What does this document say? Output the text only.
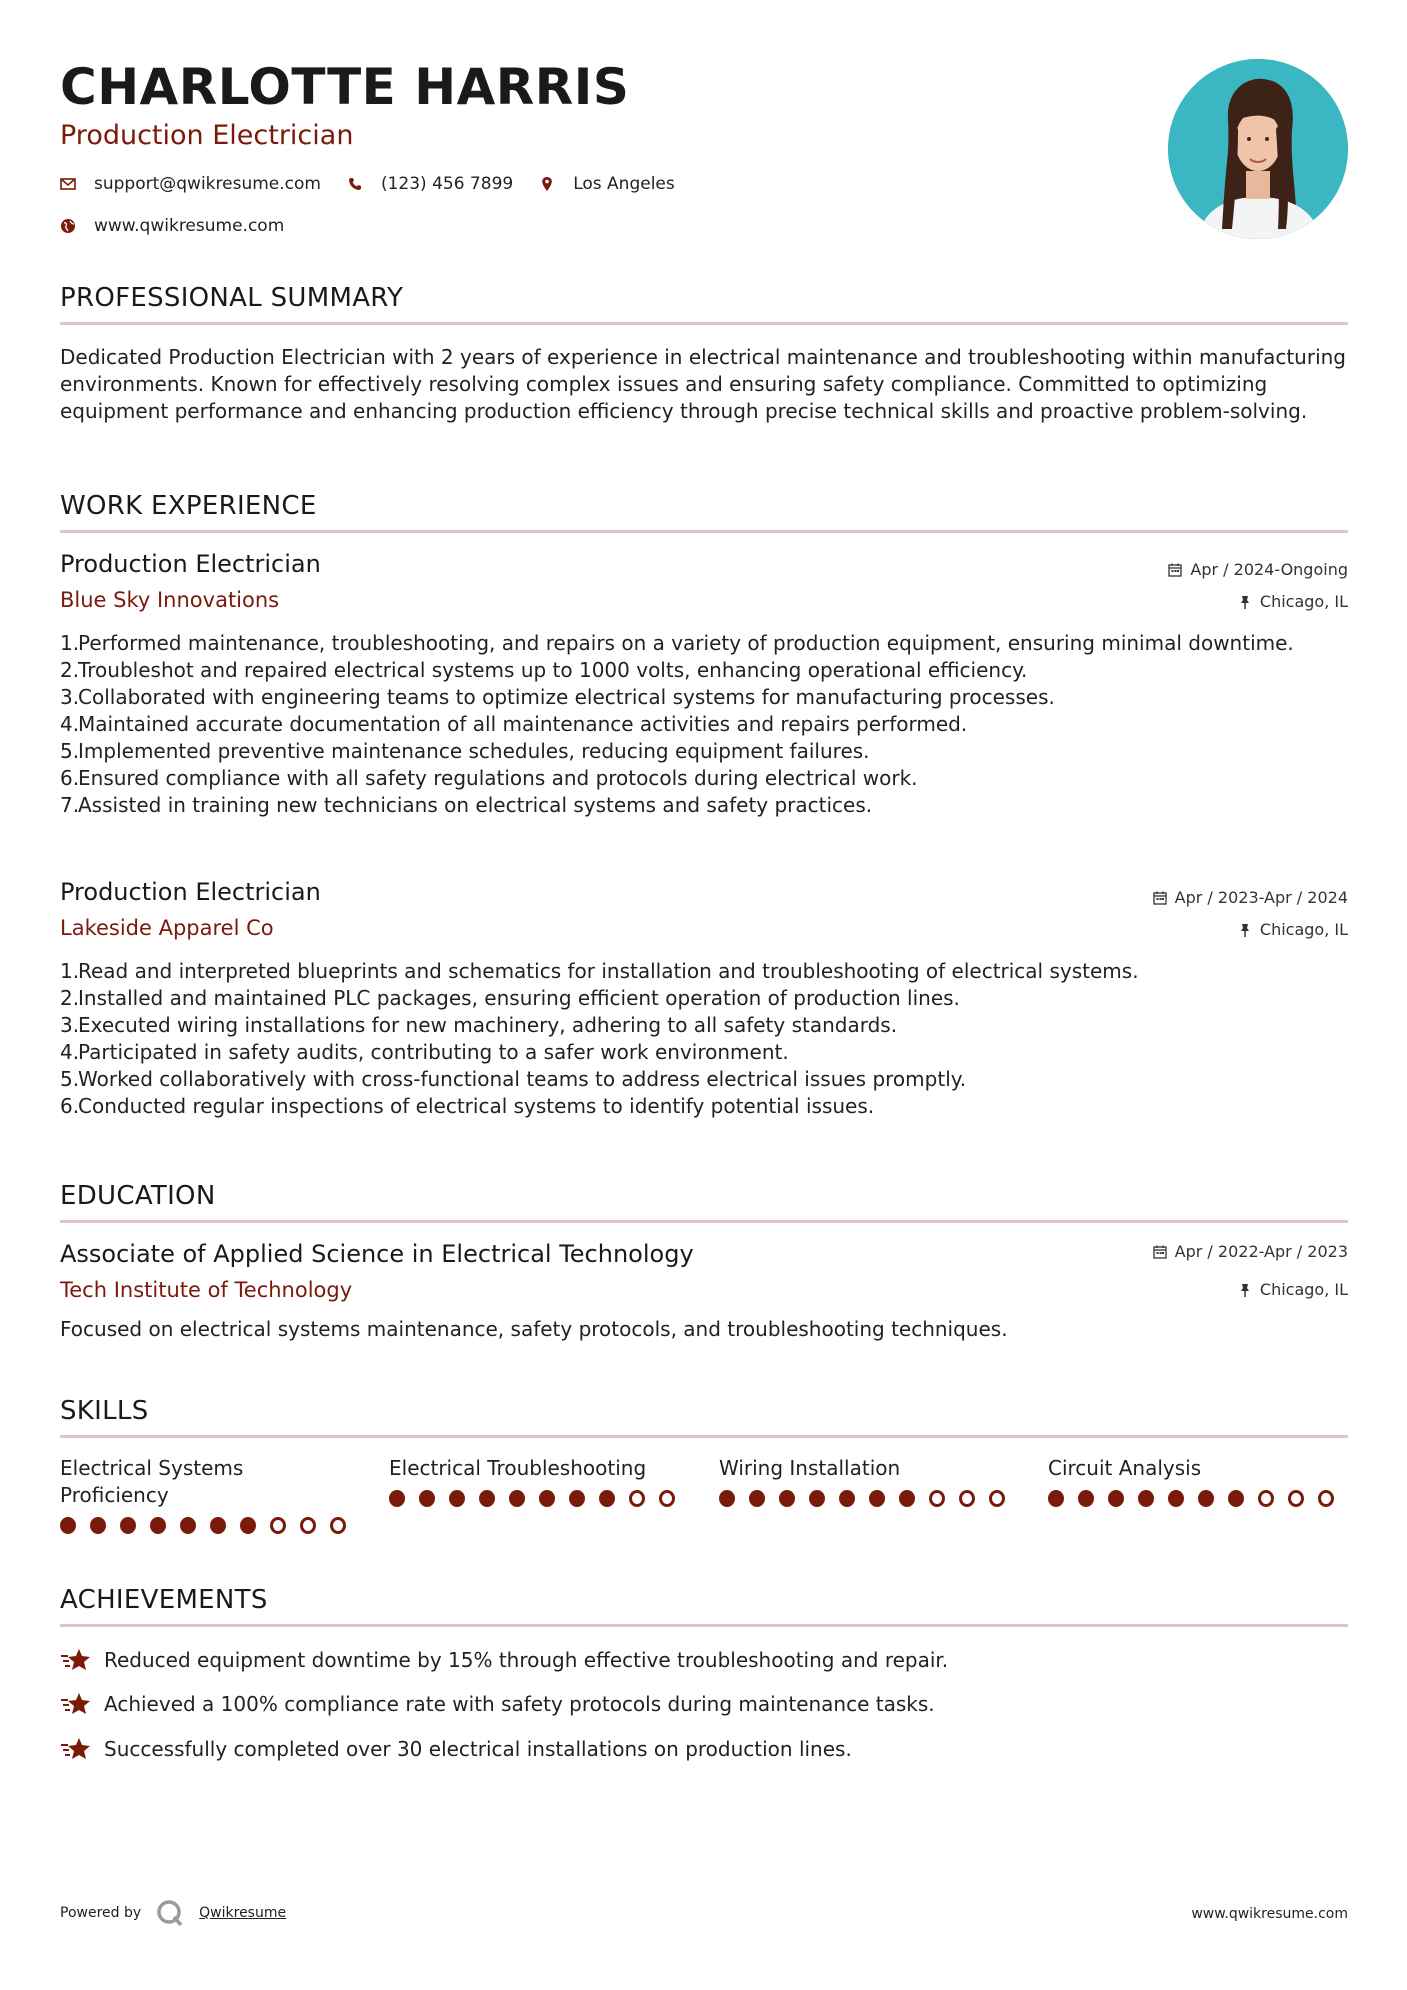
CHARLOTTE HARRIS
Production Electrician
support@qwikresume.com	(123) 456 7899	Los Angeles
www.qwikresume.com
PROFESSIONAL SUMMARY
Dedicated Production Electrician with 2 years of experience in electrical maintenance and troubleshooting within manufacturing environments. Known for effectively resolving complex issues and ensuring safety compliance. Committed to optimizing equipment performance and enhancing production efficiency through precise technical skills and proactive problem-solving.
WORK EXPERIENCE
Production Electrician
Blue Sky Innovations
Apr / 2024-Ongoing
Chicago, IL
1.
Performed maintenance, troubleshooting, and repairs on a variety of production equipment, ensuring minimal downtime.
2.
Troubleshot and repaired electrical systems up to 1000 volts, enhancing operational efficiency.
3.
Collaborated with engineering teams to optimize electrical systems for manufacturing processes.
4.
Maintained accurate documentation of all maintenance activities and repairs performed.
5.
Implemented preventive maintenance schedules, reducing equipment failures.
6.
Ensured compliance with all safety regulations and protocols during electrical work.
7.
Assisted in training new technicians on electrical systems and safety practices.
Production Electrician
Lakeside Apparel Co
Apr / 2023-Apr / 2024
Chicago, IL
1.
Read and interpreted blueprints and schematics for installation and troubleshooting of electrical systems.
2.
Installed and maintained PLC packages, ensuring efficient operation of production lines.
3.
Executed wiring installations for new machinery, adhering to all safety standards.
4.
Participated in safety audits, contributing to a safer work environment.
5.
Worked collaboratively with cross-functional teams to address electrical issues promptly.
6.
Conducted regular inspections of electrical systems to identify potential issues.
EDUCATION
Associate of Applied Science in Electrical Technology
Tech Institute of Technology
Apr / 2022-Apr / 2023
Chicago, IL
Focused on electrical systems maintenance, safety protocols, and troubleshooting techniques.
SKILLS
Electrical Systems Proficiency
Electrical Troubleshooting	Wiring Installation	Circuit Analysis
ACHIEVEMENTS
Reduced equipment downtime by 15% through effective troubleshooting and repair.
Achieved a 100% compliance rate with safety protocols during maintenance tasks.
Successfully completed over 30 electrical installations on production lines.
Powered by	Qwikresume	www.qwikresume.com
